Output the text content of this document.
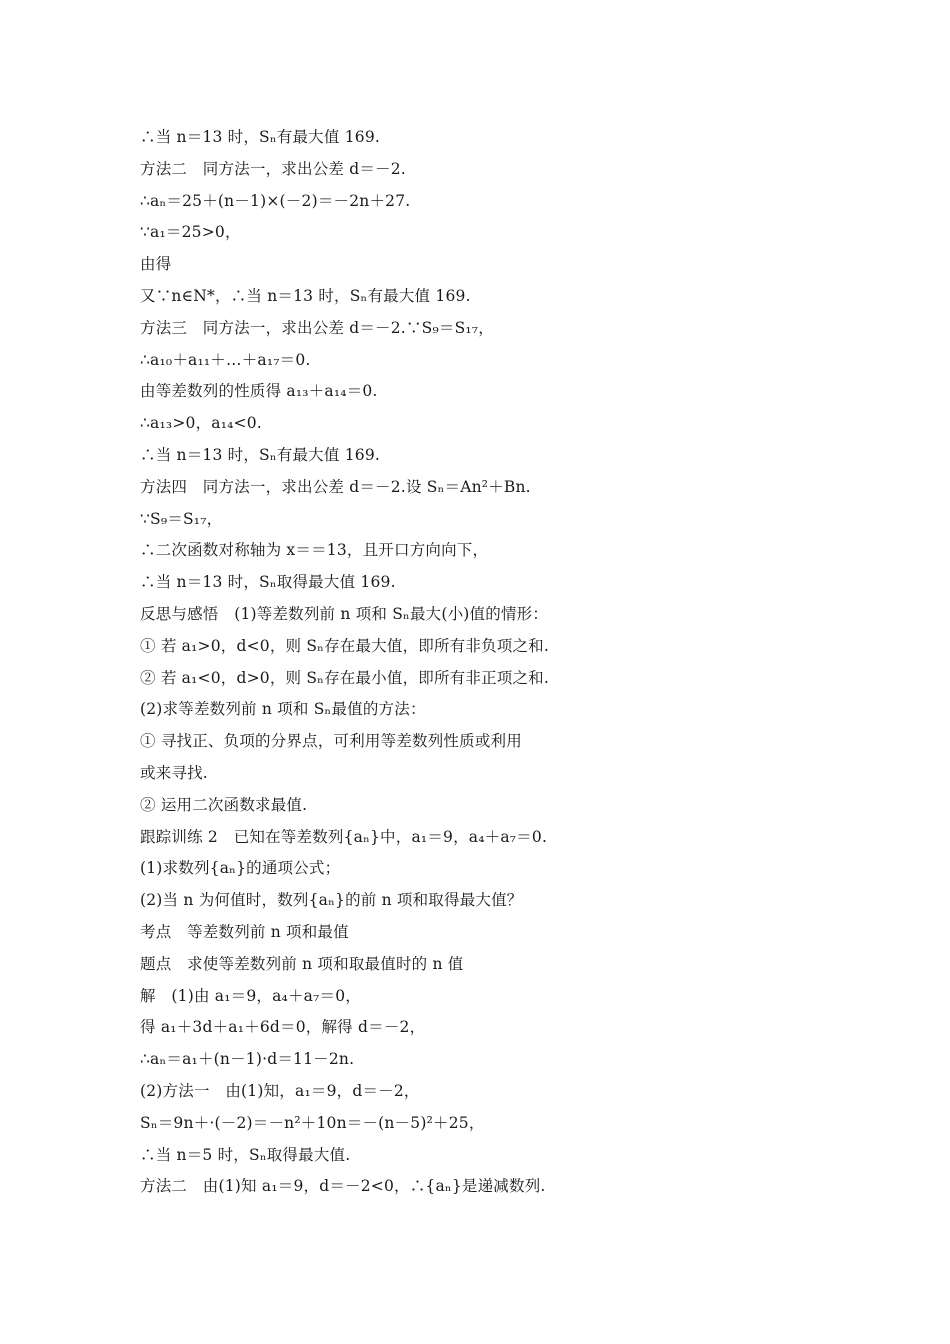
∴当 n＝13 时，Sₙ有最大值 169.
方法二　同方法一，求出公差 d＝－2.
∴aₙ＝25＋(n－1)×(－2)＝－2n＋27.
∵a₁＝25>0，
由得
又∵n∈N*，∴当 n＝13 时，Sₙ有最大值 169.
方法三　同方法一，求出公差 d＝－2.∵S₉＝S₁₇，
∴a₁₀＋a₁₁＋…＋a₁₇＝0.
由等差数列的性质得 a₁₃＋a₁₄＝0.
∴a₁₃>0，a₁₄<0.
∴当 n＝13 时，Sₙ有最大值 169.
方法四　同方法一，求出公差 d＝－2.设 Sₙ＝An²＋Bn.
∵S₉＝S₁₇，
∴二次函数对称轴为 x＝＝13，且开口方向向下，
∴当 n＝13 时，Sₙ取得最大值 169.
反思与感悟　(1)等差数列前 n 项和 Sₙ最大(小)值的情形：
① 若 a₁>0，d<0，则 Sₙ存在最大值，即所有非负项之和.
② 若 a₁<0，d>0，则 Sₙ存在最小值，即所有非正项之和.
(2)求等差数列前 n 项和 Sₙ最值的方法：
① 寻找正、负项的分界点，可利用等差数列性质或利用
或来寻找.
② 运用二次函数求最值.
跟踪训练 2　已知在等差数列{aₙ}中，a₁＝9，a₄＋a₇＝0.
(1)求数列{aₙ}的通项公式；
(2)当 n 为何值时，数列{aₙ}的前 n 项和取得最大值？
考点　等差数列前 n 项和最值
题点　求使等差数列前 n 项和取最值时的 n 值
解　(1)由 a₁＝9，a₄＋a₇＝0，
得 a₁＋3d＋a₁＋6d＝0，解得 d＝－2，
∴aₙ＝a₁＋(n－1)·d＝11－2n.
(2)方法一　由(1)知，a₁＝9，d＝－2，
Sₙ＝9n＋·(－2)＝－n²＋10n＝－(n－5)²＋25，
∴当 n＝5 时，Sₙ取得最大值.
方法二　由(1)知 a₁＝9，d＝－2<0，∴{aₙ}是递减数列.
